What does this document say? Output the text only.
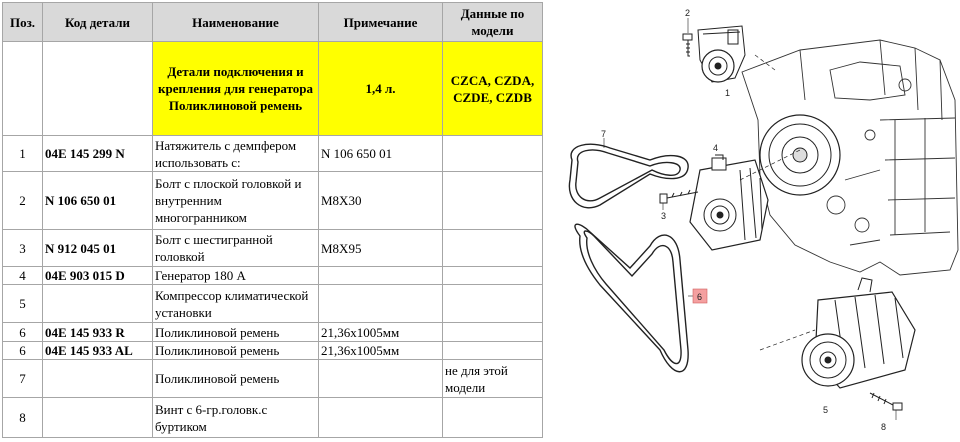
Поз.	Код детали	Наименование	Примечание	Данные по модели
		Детали подключения и крепления для генератора Поликлиновой ремень	1,4 л.	CZCA, CZDA, CZDE, CZDB
1	04E 145 299 N	Натяжитель с демпфером использовать с:	N 106 650 01	
2	N 106 650 01	Болт с плоской головкой и внутренним многогранником	M8X30	
3	N 912 045 01	Болт с шестигранной головкой	M8X95	
4	04E 903 015 D	Генератор 180 A		
5		Компрессор климатической установки		
6	04E 145 933 R	Поликлиновой ремень	21,36x1005мм	
6	04E 145 933 AL	Поликлиновой ремень	21,36x1005мм	
7		Поликлиновой ремень		не для этой модели
8		Винт с 6-гр.головк.с буртиком		
2
1
7
4
3
5
8
6
